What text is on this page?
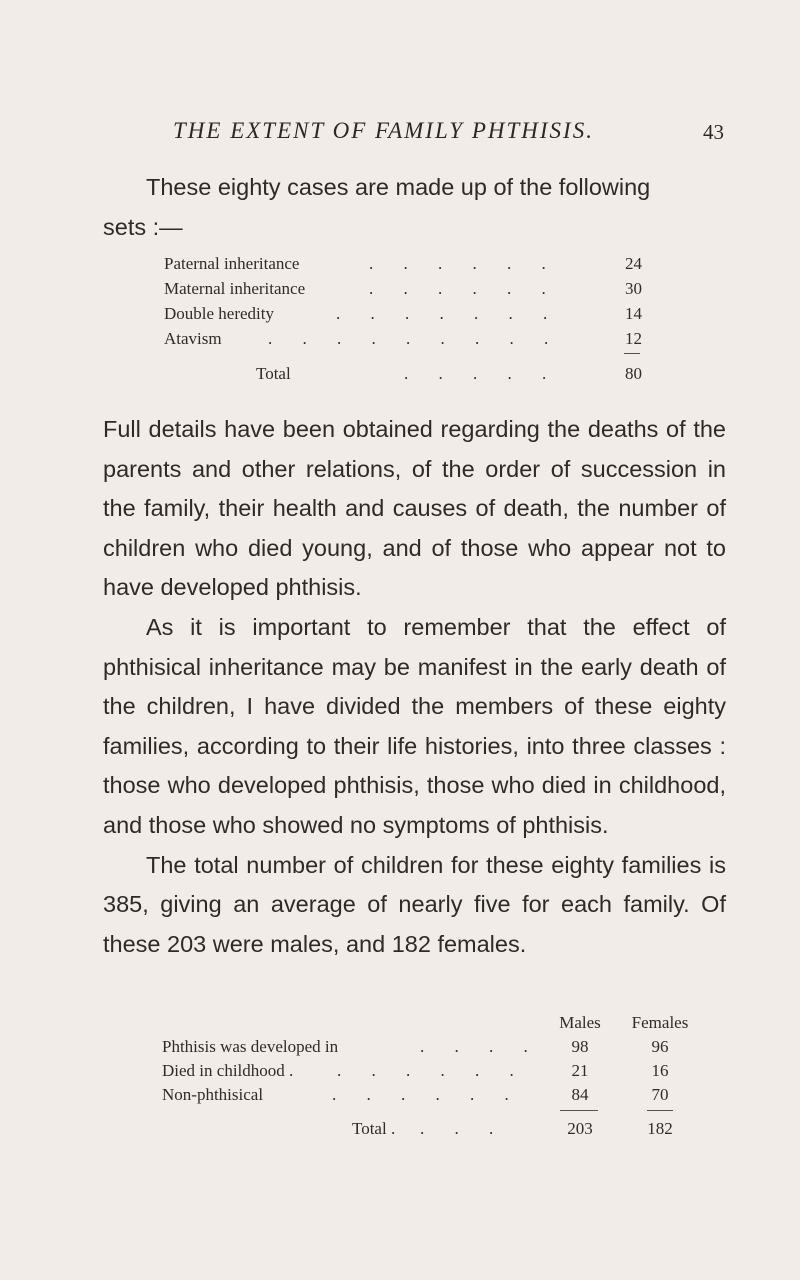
THE EXTENT OF FAMILY PHTHISIS.	43

These eighty cases are made up of the following

sets :—

Paternal inheritance	. . . . . .	24
Maternal inheritance	. . . . . .	30
Double heredity	. . . . . . .	14
Atavism	. . . . . . . . .	12
Total	. . . . .	80

Full details have been obtained regarding the deaths of the parents and other relations, of the order of succession in the family, their health and causes of death, the number of children who died young, and of those who appear not to have developed phthisis.

As it is important to remember that the effect of phthisical inheritance may be manifest in the early death of the children, I have divided the members of these eighty families, according to their life histories, into three classes : those who developed phthisis, those who died in childhood, and those who showed no symptoms of phthisis.

The total number of children for these eighty families is 385, giving an average of nearly five for each family. Of these 203 were males, and 182 females.

Males	Females
Phthisis was developed in	. . . .	98	96
Died in childhood .	. . . . . .	21	16
Non-phthisical	. . . . . .	84	70
Total . . . .	203	182
